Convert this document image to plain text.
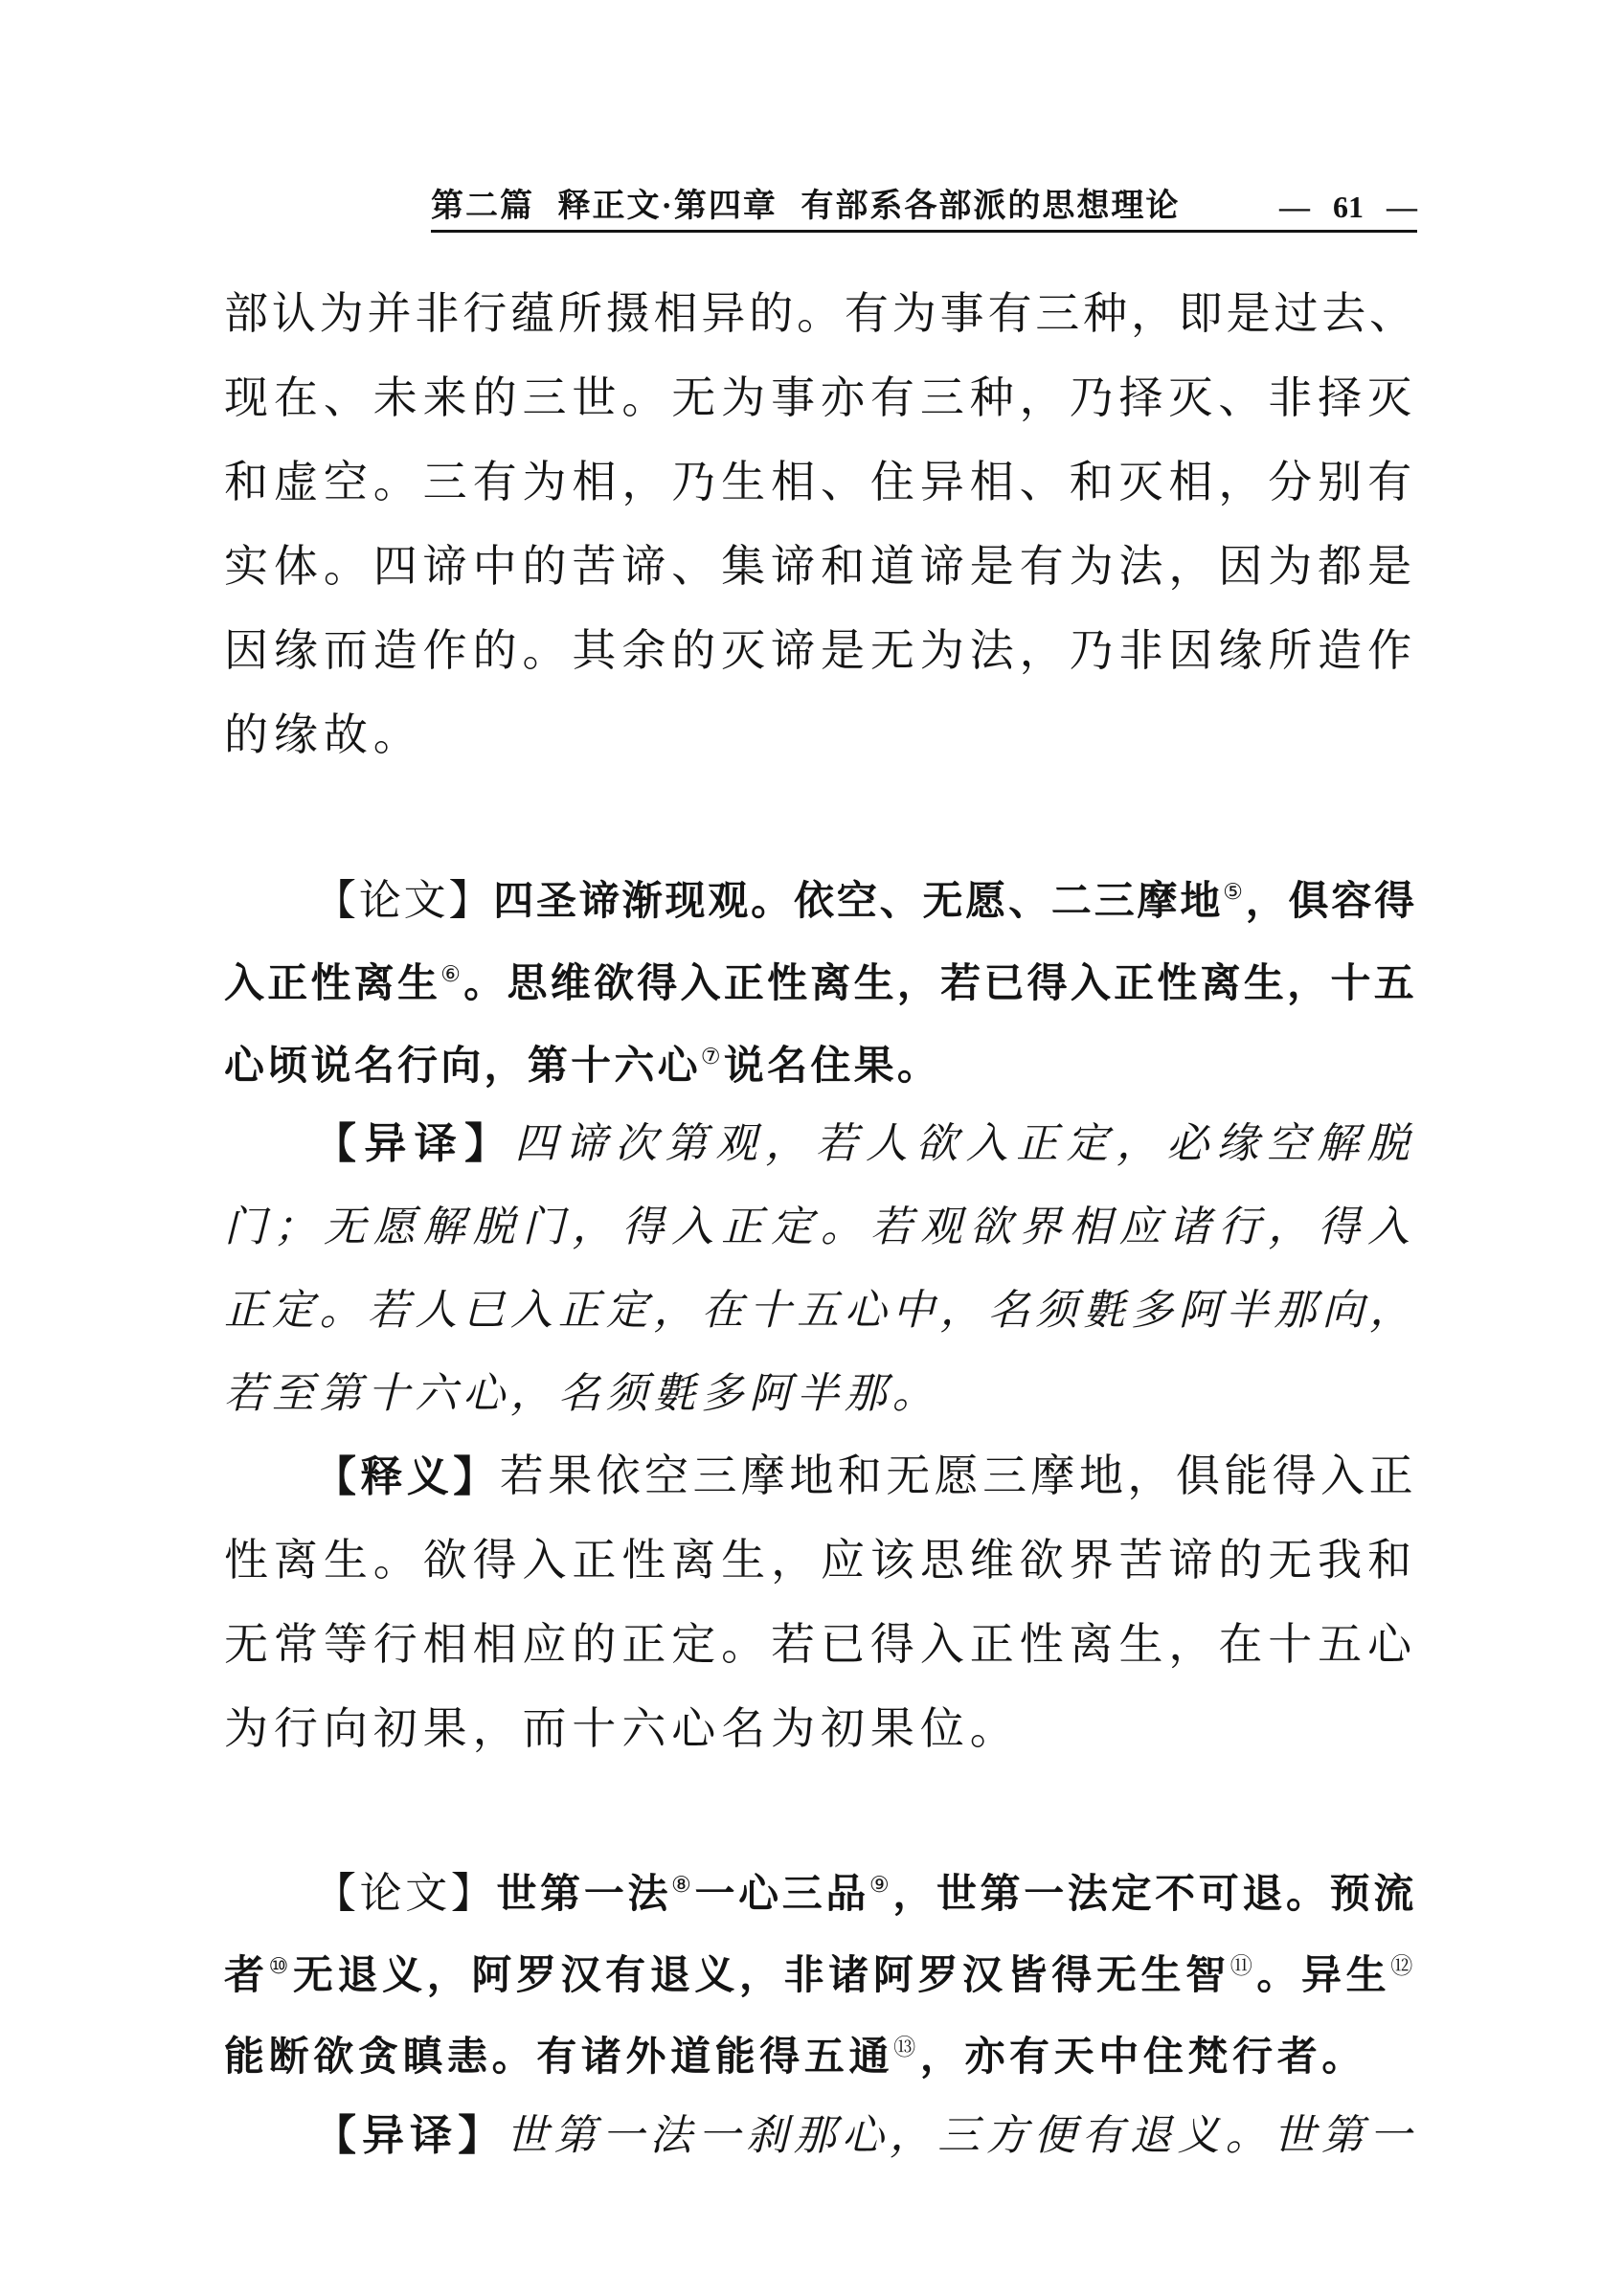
第二篇 释正文·第四章 有部系各部派的思想理论	— 61 —
部认为并非行蕴所摄相异的。有为事有三种，即是过去、
现在、未来的三世。无为事亦有三种，乃择灭、非择灭
和虚空。三有为相，乃生相、住异相、和灭相，分别有
实体。四谛中的苦谛、集谛和道谛是有为法，因为都是
因缘而造作的。其余的灭谛是无为法，乃非因缘所造作
的缘故。
【论文】四圣谛渐现观。依空、无愿、二三摩地⑤，俱容得
入正性离生⑥。思维欲得入正性离生，若已得入正性离生，十五
心顷说名行向，第十六心⑦说名住果。
【异译】四谛次第观，若人欲入正定，必缘空解脱
门；无愿解脱门，得入正定。若观欲界相应诸行，得入
正定。若人已入正定，在十五心中，名须氀多阿半那向，
若至第十六心，名须氀多阿半那。
【释义】若果依空三摩地和无愿三摩地，俱能得入正
性离生。欲得入正性离生，应该思维欲界苦谛的无我和
无常等行相相应的正定。若已得入正性离生，在十五心
为行向初果，而十六心名为初果位。
【论文】世第一法⑧一心三品⑨，世第一法定不可退。预流
者⑩无退义，阿罗汉有退义，非诸阿罗汉皆得无生智⑪。异生⑫
能断欲贪瞋恚。有诸外道能得五通⑬，亦有天中住梵行者。
【异译】世第一法一刹那心，三方便有退义。世第一
